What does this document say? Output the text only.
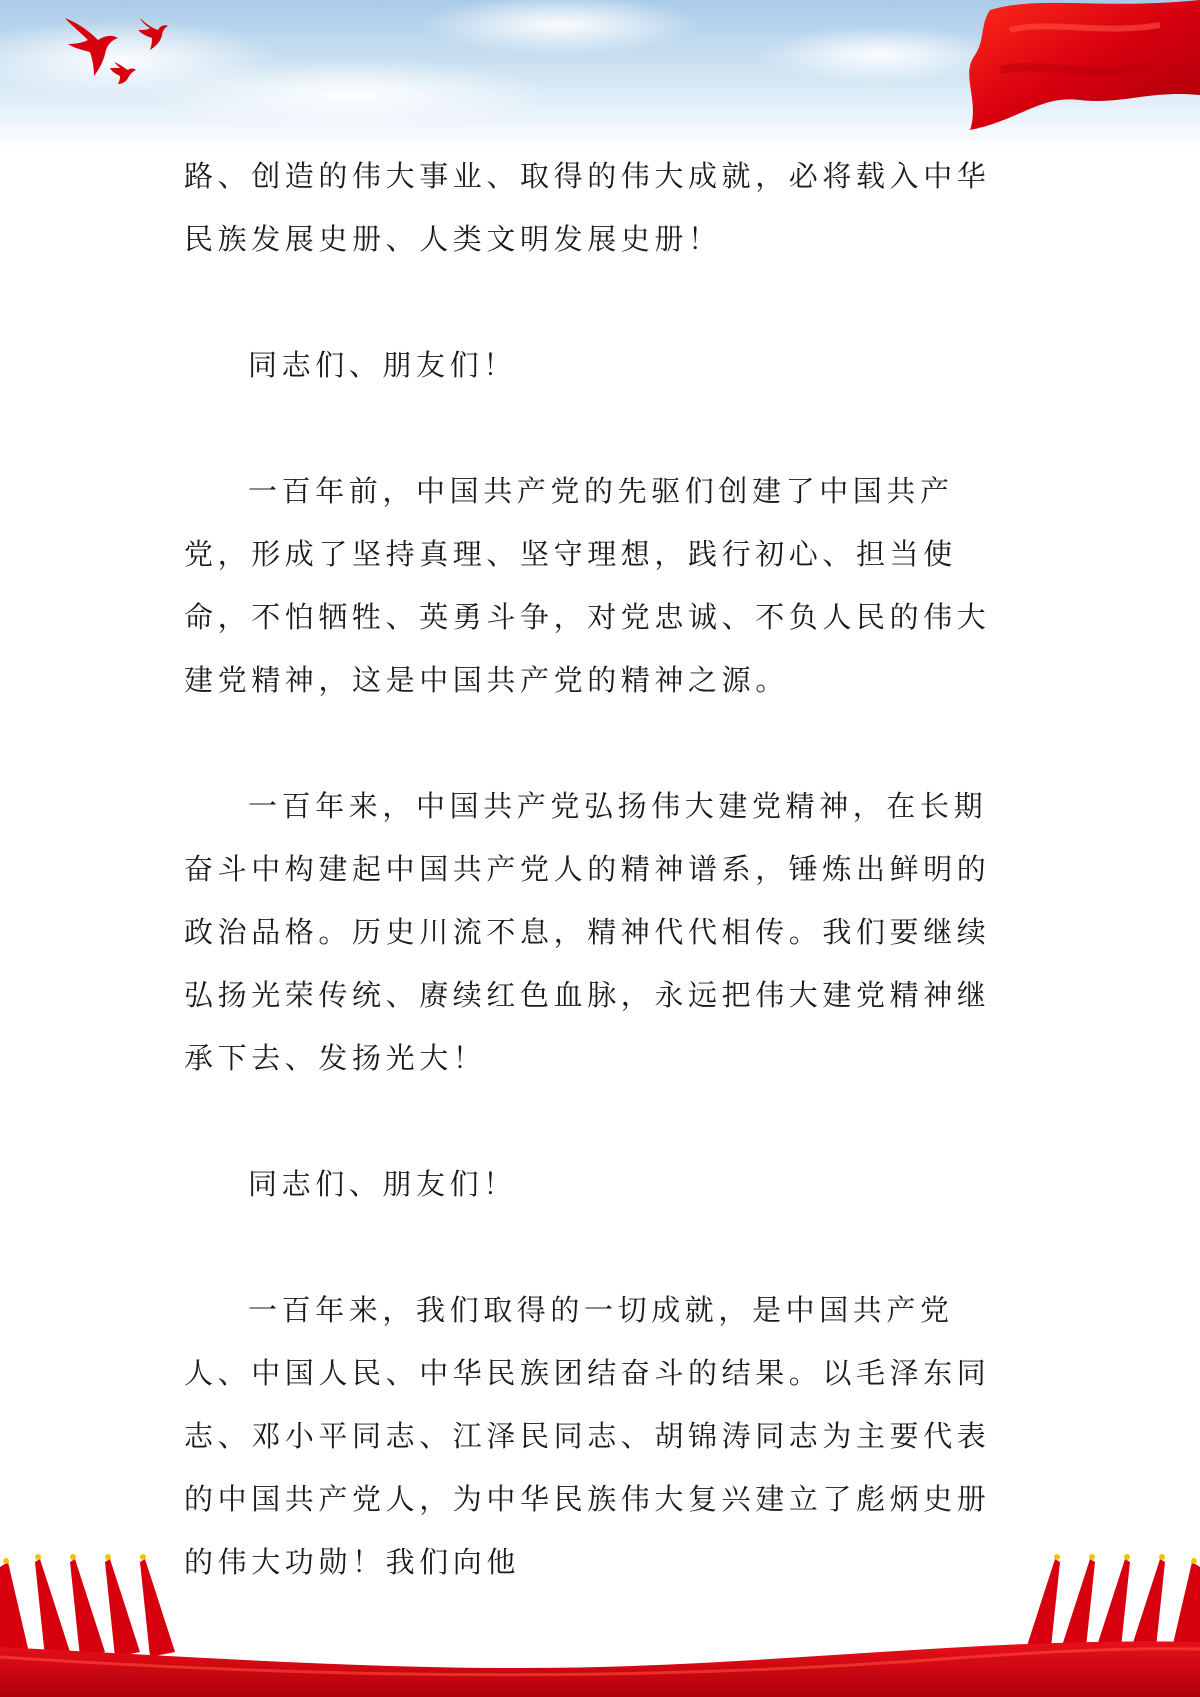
路、创造的伟大事业、取得的伟大成就，必将载入中华民族发展史册、人类文明发展史册！

同志们、朋友们！

一百年前，中国共产党的先驱们创建了中国共产党，形成了坚持真理、坚守理想，践行初心、担当使命，不怕牺牲、英勇斗争，对党忠诚、不负人民的伟大建党精神，这是中国共产党的精神之源。

一百年来，中国共产党弘扬伟大建党精神，在长期奋斗中构建起中国共产党人的精神谱系，锤炼出鲜明的政治品格。历史川流不息，精神代代相传。我们要继续弘扬光荣传统、赓续红色血脉，永远把伟大建党精神继承下去、发扬光大！

同志们、朋友们！

一百年来，我们取得的一切成就，是中国共产党人、中国人民、中华民族团结奋斗的结果。以毛泽东同志、邓小平同志、江泽民同志、胡锦涛同志为主要代表的中国共产党人，为中华民族伟大复兴建立了彪炳史册的伟大功勋！我们向他
